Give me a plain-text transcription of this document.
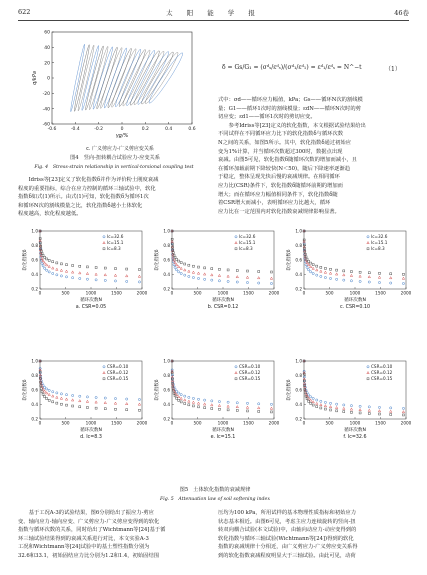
622	太 阳 能 学 报	46卷
-0.6	-0.4	-0.2	0	0.2	0.4	0.6
-60
-40
-20
0
20
40
60
γg/%
q/kPa
c. 广义剪应力-广义剪应变关系
图4　竖向-扭转耦合试验应力-应变关系
Fig. 4　Stress-strain relationship in vertical-torsional coupling test
　　Idriss等[23]定义了软化指数δ并作为评价粉土刚度衰减
程度的重要指标，综合在应力控制的循环三轴试验中，软化
指数δ如式(1)所示。由式(1)可知，软化指数δ为循环1次
和循环N次的割线模量之比，软化指数δ越小土体软化
程度越高，软化程度越低。
δ = Gs/G₁ = (σᵈₛ/εᵈₛ)/(σᵈ₁/εᵈ₁) = εᵈ₁/εᵈₛ = N^−t	（1）
式中：σd——循环应力幅值，kPa；Gs——循环N次的割线模
量；G1——循环1次时的割线模量；εdN——循环N次时的剪
切应变；εd1——循环1次时的剪切应变。
　　参考Idriss等[23]定义的软化指数，本文根据试验结果给出
不同试样在不同循环应力比下的软化指数δ与循环次数
N之间的关系，如图5所示。其中，软化指数δ通过初始应
变为1%计算，并当循环次数超过300时，数据点出现
衰减。由图5可见，软化指数δ随循环次数的增加而减小，且
在循环加载前期下降较快(N＜50)，随后下降速率逐渐趋
于稳定，整体呈现先快后慢的衰减规律。在相同循环
应力比(CSR)条件下，软化指数δ随循环前期的增加而
增大；而在循环应力幅值相同条件下，软化指数δ随
着CSR增大而减小，表明循环应力比越大，循环
应力比在一定范围内对软化指数衰减规律影响显著。
0	500	1000	1500	2000
0.2
0.4
0.6
0.8
1.0
循环次数N
软化指数δ
Ic=32.6
Ic=15.1
Ic=8.3
a. CSR=0.05
0	500	1000	1500	2000
0.2
0.4
0.6
0.8
1.0
循环次数N
软化指数δ
Ic=32.6
Ic=15.1
Ic=8.3
b. CSR=0.12
0	500	1000	1500	2000
0.2
0.4
0.6
0.8
1.0
循环次数N
软化指数δ
Ic=32.6
Ic=15.1
Ic=8.3
c. CSR=0.10
0	500	1000	1500	2000
0.2
0.4
0.6
0.8
1.0
循环次数N
软化指数δ
CSR=0.10
CSR=0.12
CSR=0.15
d. Ic=8.3
0	500	1000	1500	2000
0.2
0.4
0.6
0.8
1.0
循环次数N
软化指数δ
CSR=0.10
CSR=0.12
CSR=0.15
e. Ic=15.1
0	500	1000	1500	2000
0.2
0.4
0.6
0.8
1.0
循环次数N
软化指数δ
CSR=0.10
CSR=0.12
CSR=0.15
f. Ic=32.6
图5　土体软化指数的衰减规律
Fig. 5　Attenuation law of soil softening index
　　基于工况A-3的试验结果，图6分别给出了振应力-剪应
变、轴向应力-轴向应变、广义剪应力-广义剪应变得到的软化
指数与循环次数的关系，同时给出了Wichtmann等[24]基于循
环三轴试验结果得到的衰减关系进行对比，本文实验A-3
工况和Wichtmann等[24]试验中的基土塑性指数分别为
32.6和33.1，初始固结应力比分别为1.2和1.4，初始固结围
压均为100 kPa，所用试样的基本物理性质指标和初始应力
状态基本相近。由图6可见，考虑主应力连续旋转的竖向-扭
转双向耦合试验(本文试验)中，由轴向动应力-动应变得到的
软化指数与循环三轴试验(Wichtmann等[24])得到的软化
指数的衰减规律十分相近，由广义剪应力-广义剪应变关系得
到的软化指数衰减程度明显大于三轴试验。由此可见，动荷
